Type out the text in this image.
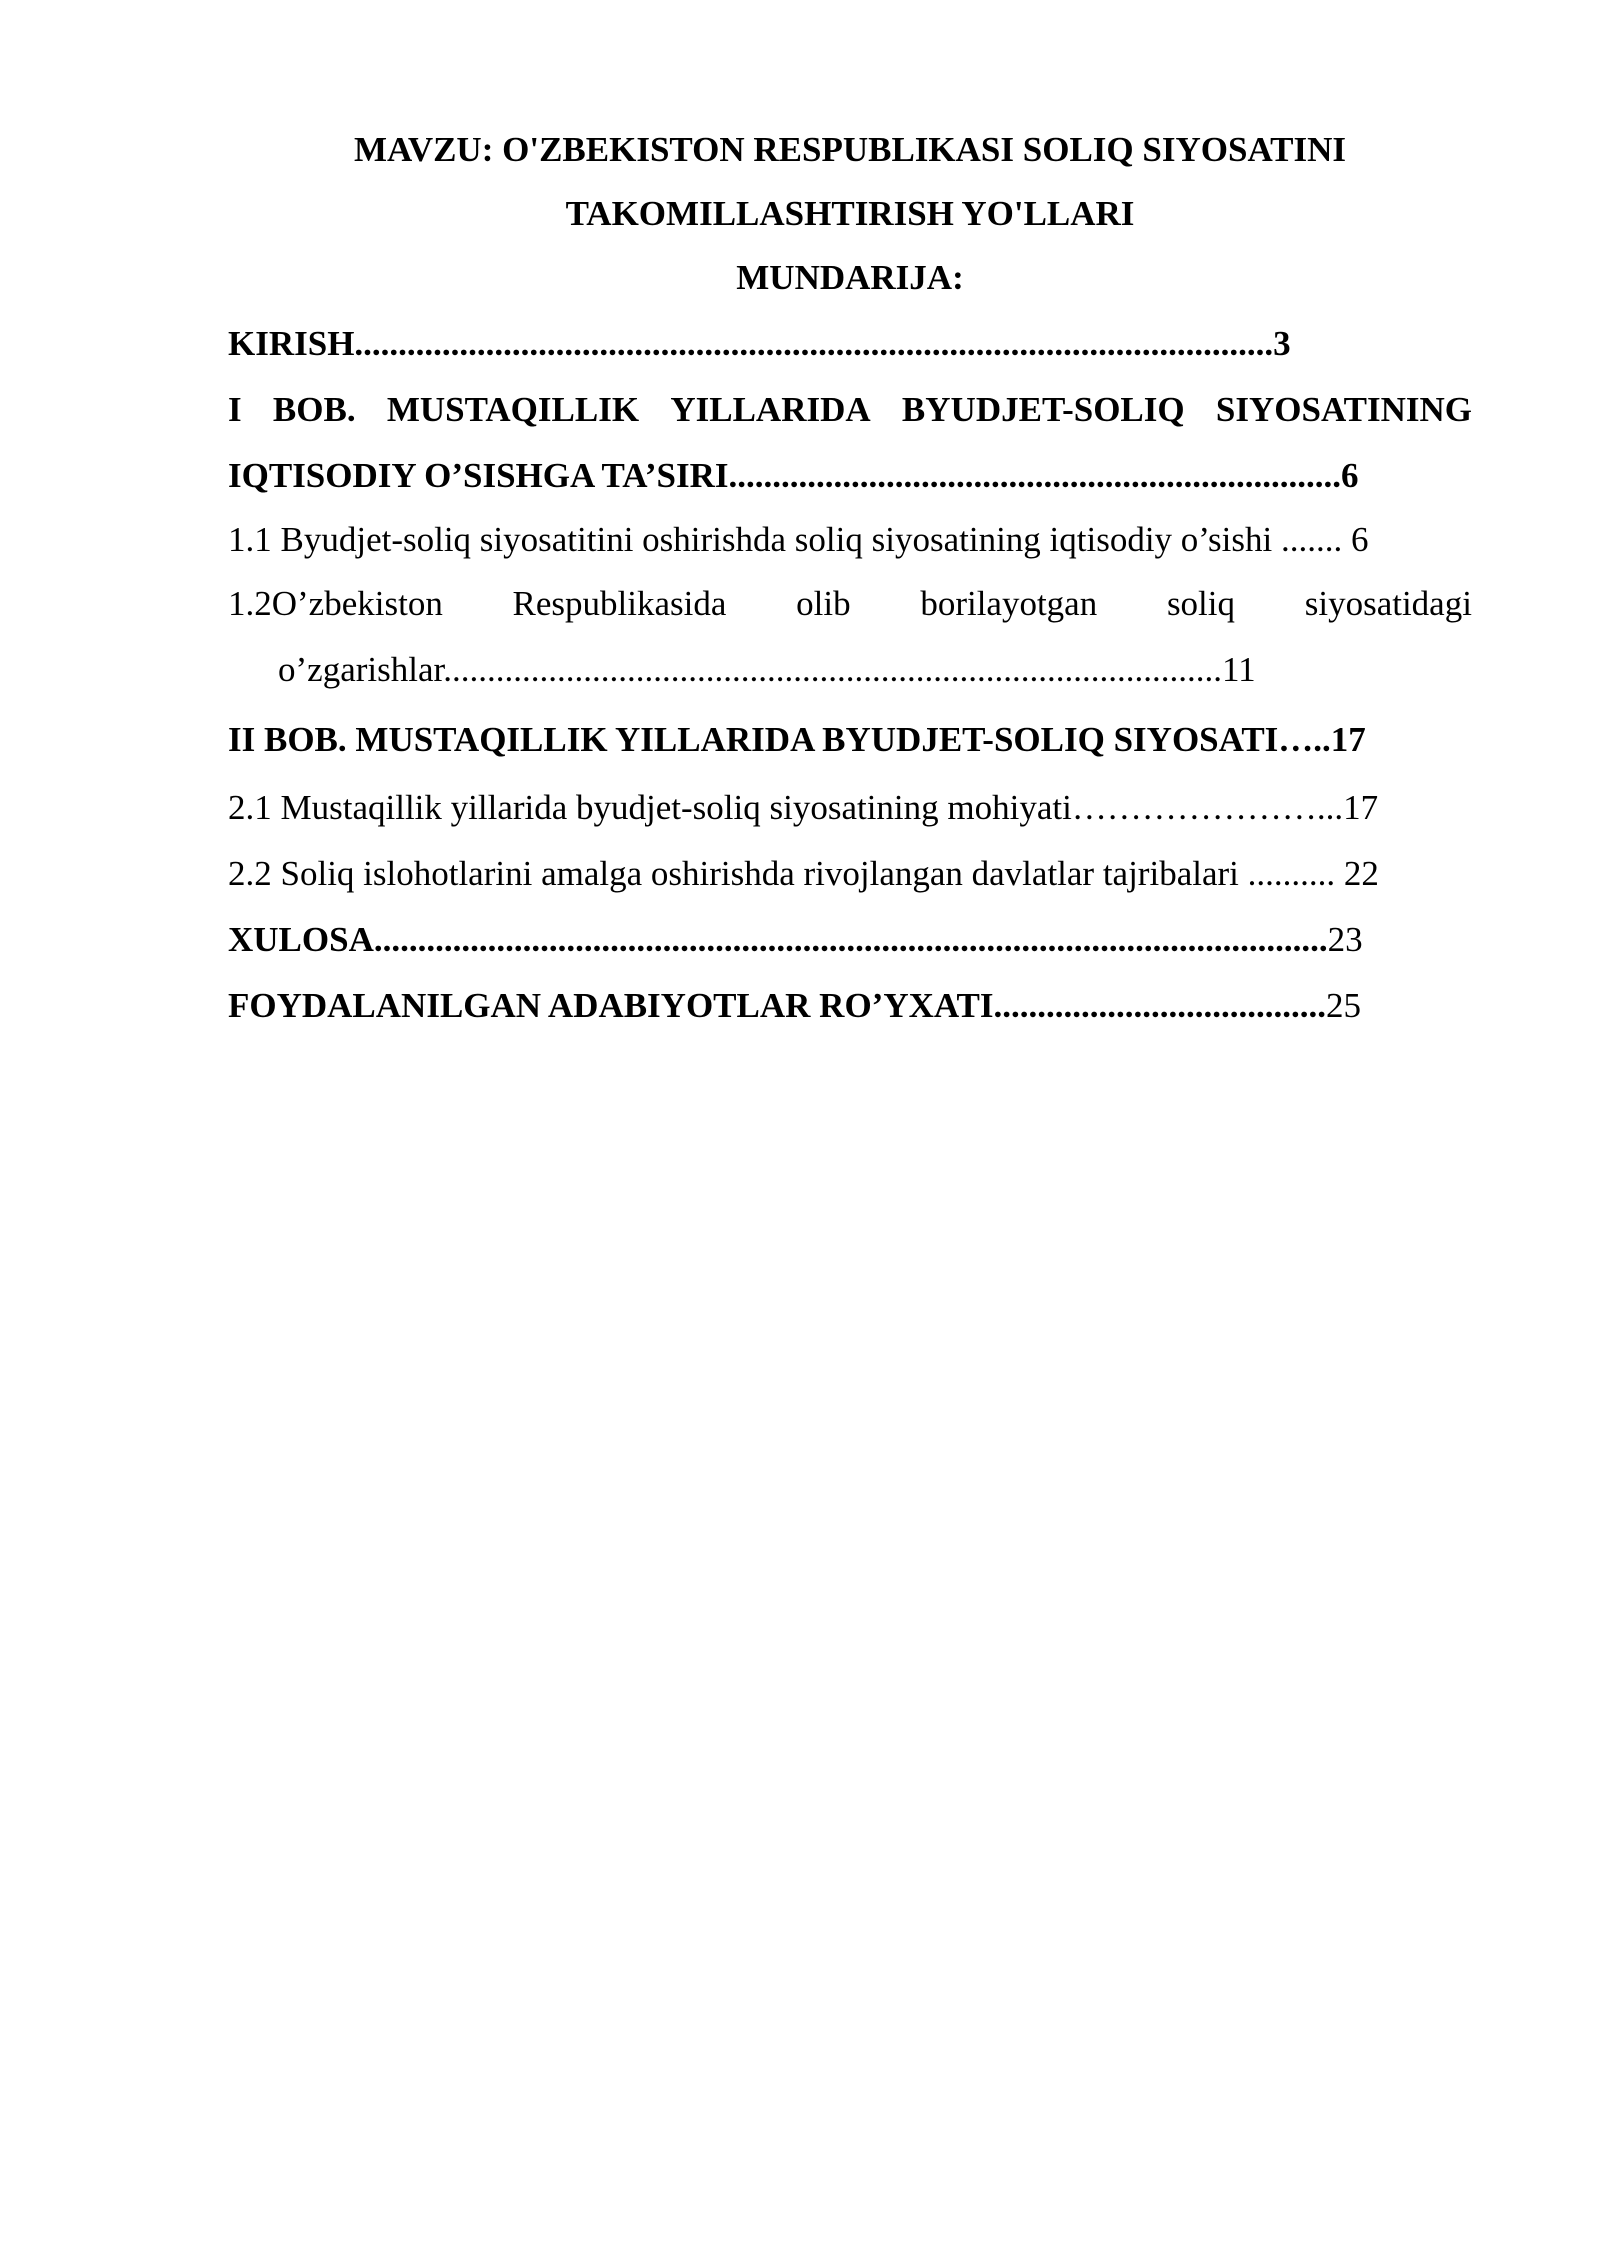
MAVZU: O'ZBEKISTON RESPUBLIKASI SOLIQ SIYOSATINI
TAKOMILLASHTIRISH YO'LLARI
MUNDARIJA:
KIRISH.........................................................................................................3
I BOB. MUSTAQILLIK YILLARIDA BYUDJET-SOLIQ SIYOSATINING
IQTISODIY O’SISHGA TA’SIRI......................................................................6
1.1 Byudjet-soliq siyosatitini oshirishda soliq siyosatining iqtisodiy o’sishi ....... 6
1.2O’zbekiston Respublikasida olib borilayotgan soliq siyosatidagi
o’zgarishlar.........................................................................................11
II BOB. MUSTAQILLIK YILLARIDA BYUDJET-SOLIQ SIYOSATI…..17
2.1 Mustaqillik yillarida byudjet-soliq siyosatining mohiyati…………………...17
2.2 Soliq islohotlarini amalga oshirishda rivojlangan davlatlar tajribalari .......... 22
XULOSA.............................................................................................................23
FOYDALANILGAN ADABIYOTLAR RO’YXATI......................................25
